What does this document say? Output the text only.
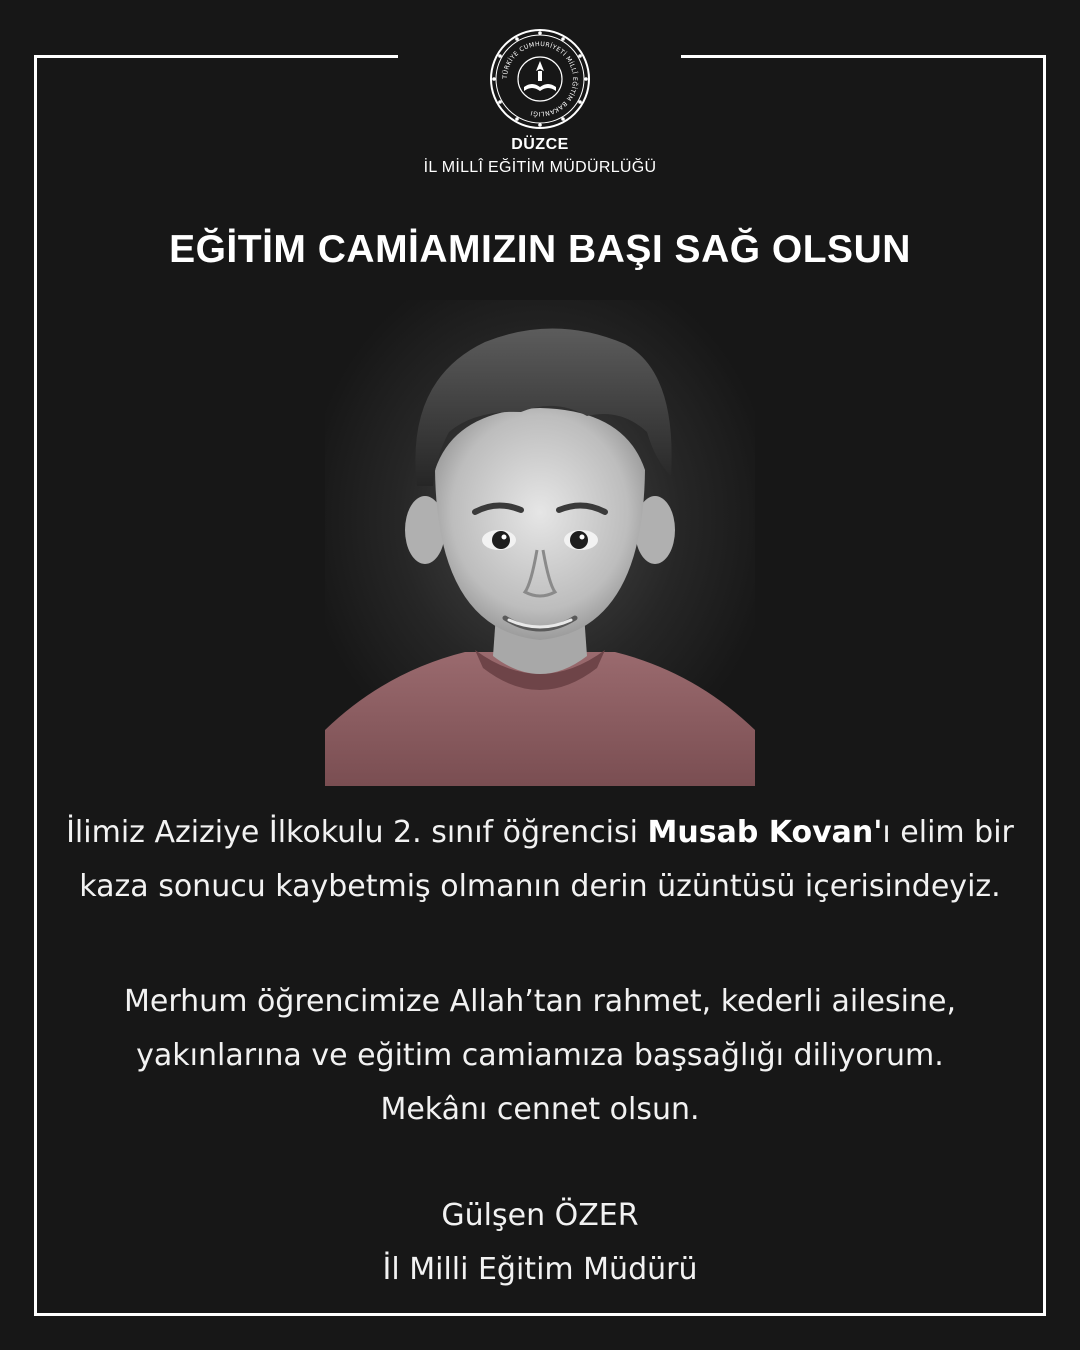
TÜRKİYE CUMHURİYETİ MİLLÎ EĞİTİM BAKANLIĞI
DÜZCE
İL MİLLÎ EĞİTİM MÜDÜRLÜĞÜ
EĞİTİM CAMİAMIZIN BAŞI SAĞ OLSUN
İlimiz Aziziye İlkokulu 2. sınıf öğrencisi Musab Kovan'ı elim bir kaza sonucu kaybetmiş olmanın derin üzüntüsü içerisindeyiz.
Merhum öğrencimize Allah’tan rahmet, kederli ailesine,
yakınlarına ve eğitim camiamıza başsağlığı diliyorum.
Mekânı cennet olsun.
Gülşen ÖZER
İl Milli Eğitim Müdürü
